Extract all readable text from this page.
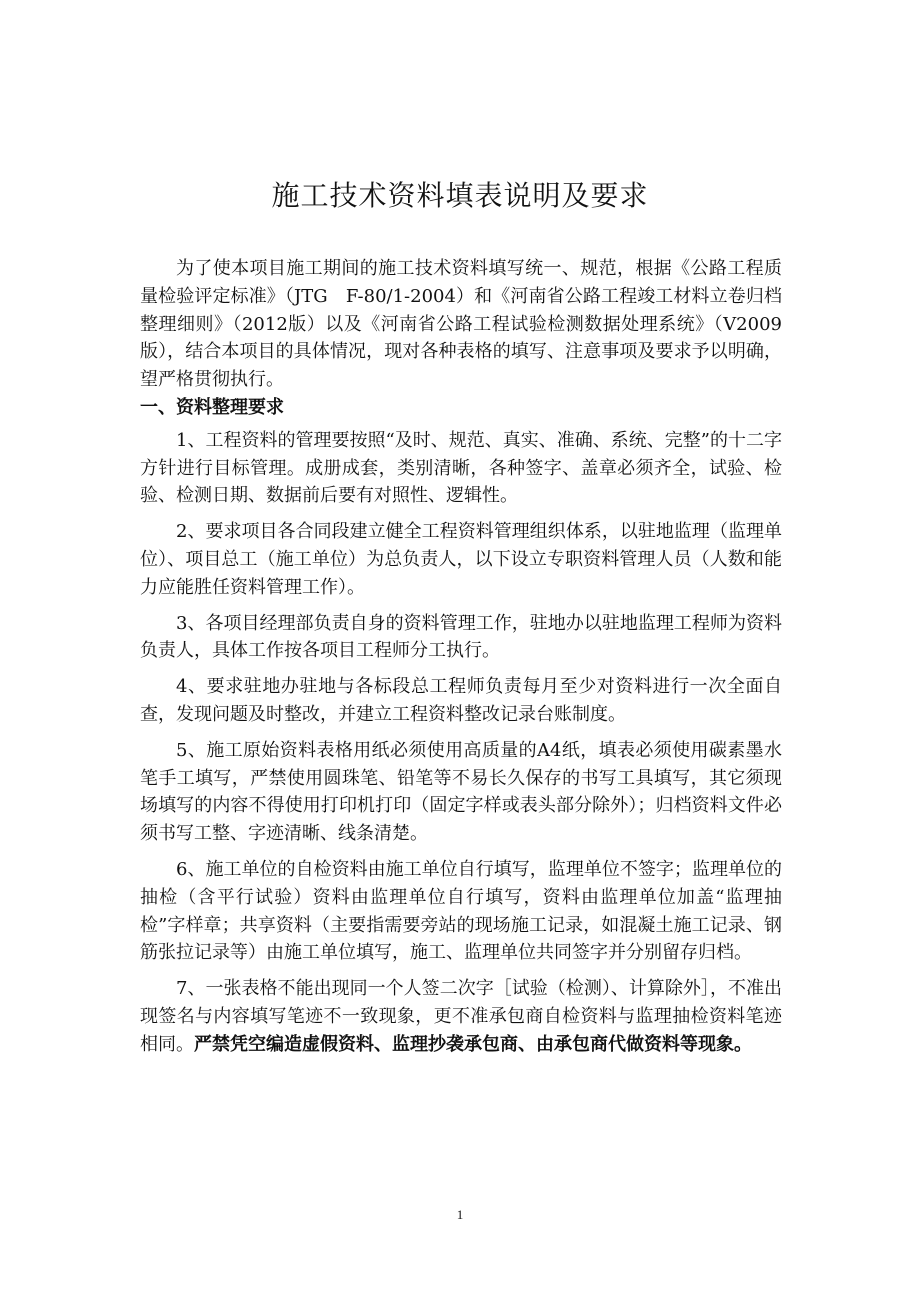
施工技术资料填表说明及要求

为了使本项目施工期间的施工技术资料填写统一、规范，根据《公路工程质量检验评定标准》（JTG　F-80/1-2004）和《河南省公路工程竣工材料立卷归档整理细则》（2012版）以及《河南省公路工程试验检测数据处理系统》（V2009版），结合本项目的具体情况，现对各种表格的填写、注意事项及要求予以明确，望严格贯彻执行。

一、资料整理要求

1、工程资料的管理要按照“及时、规范、真实、准确、系统、完整”的十二字方针进行目标管理。成册成套，类别清晰，各种签字、盖章必须齐全，试验、检验、检测日期、数据前后要有对照性、逻辑性。

2、要求项目各合同段建立健全工程资料管理组织体系，以驻地监理（监理单位）、项目总工（施工单位）为总负责人，以下设立专职资料管理人员（人数和能力应能胜任资料管理工作）。

3、各项目经理部负责自身的资料管理工作，驻地办以驻地监理工程师为资料负责人，具体工作按各项目工程师分工执行。

4、要求驻地办驻地与各标段总工程师负责每月至少对资料进行一次全面自查，发现问题及时整改，并建立工程资料整改记录台账制度。

5、施工原始资料表格用纸必须使用高质量的A4纸，填表必须使用碳素墨水笔手工填写，严禁使用圆珠笔、铅笔等不易长久保存的书写工具填写，其它须现场填写的内容不得使用打印机打印（固定字样或表头部分除外）；归档资料文件必须书写工整、字迹清晰、线条清楚。

6、施工单位的自检资料由施工单位自行填写，监理单位不签字；监理单位的抽检（含平行试验）资料由监理单位自行填写，资料由监理单位加盖“监理抽检”字样章；共享资料（主要指需要旁站的现场施工记录，如混凝土施工记录、钢筋张拉记录等）由施工单位填写，施工、监理单位共同签字并分别留存归档。

7、一张表格不能出现同一个人签二次字［试验（检测）、计算除外］，不准出现签名与内容填写笔迹不一致现象，更不准承包商自检资料与监理抽检资料笔迹相同。严禁凭空编造虚假资料、监理抄袭承包商、由承包商代做资料等现象。

1
